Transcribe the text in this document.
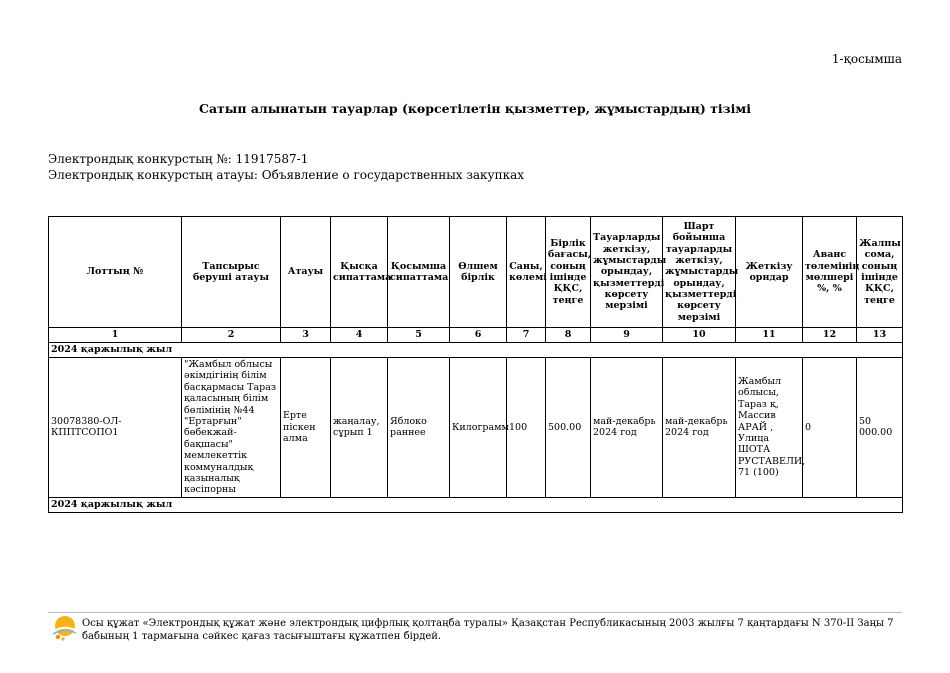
1-қосымша
Сатып алынатын тауарлар (көрсетілетін қызметтер, жұмыстардың) тізімі
Электрондық конкурстың №: 11917587-1
Электрондық конкурстың атауы: Объявление о государственных закупках
Лоттың №	Тапсырыс беруші атауы	Атауы	Қысқа сипаттама	Қосымша сипаттама	Өлшем бірлік	Саны, көлемі	Бірлік бағасы, соның ішінде ҚҚС, теңге	Тауарларды жеткізу, жұмыстарды орындау, қызметтерді көрсету мерзімі	Шарт бойынша тауарларды жеткізу, жұмыстарды орындау, қызметтерді көрсету мерзімі	Жеткізу орндар	Аванс төлемінің мөлшері %, %	Жалпы сома, соның ішінде ҚҚС, теңге
1	2	3	4	5	6	7	8	9	10	11	12	13
2024 қаржылық жыл												
30078380-ОЛ-КППТСОПО1	"Жамбыл облысы әкімдігінің білім басқармасы Тараз қаласының білім бөлімінің №44 "Ертарғын" бөбекжай-бақшасы" мемлекеттік коммуналдық қазыналық кәсіпорны	Ерте піскен алма	жаңалау, сұрып 1	Яблоко раннее	Килограмм	100	500.00	май-декабрь 2024 год	май-декабрь 2024 год	Жамбыл облысы, Тараз қ, Массив АРАЙ , Улица ШОТА РУСТАВЕЛИ, 71 (100)	0	50 000.00
2024 қаржылық жыл												
Осы құжат «Электрондық құжат және электрондық цифрлық қолтаңба туралы» Қазақстан Республикасының 2003 жылғы 7 қаңтардағы N 370-II Заңы 7 бабының 1 тармағына сәйкес қағаз тасығыштағы құжатпен бірдей.
